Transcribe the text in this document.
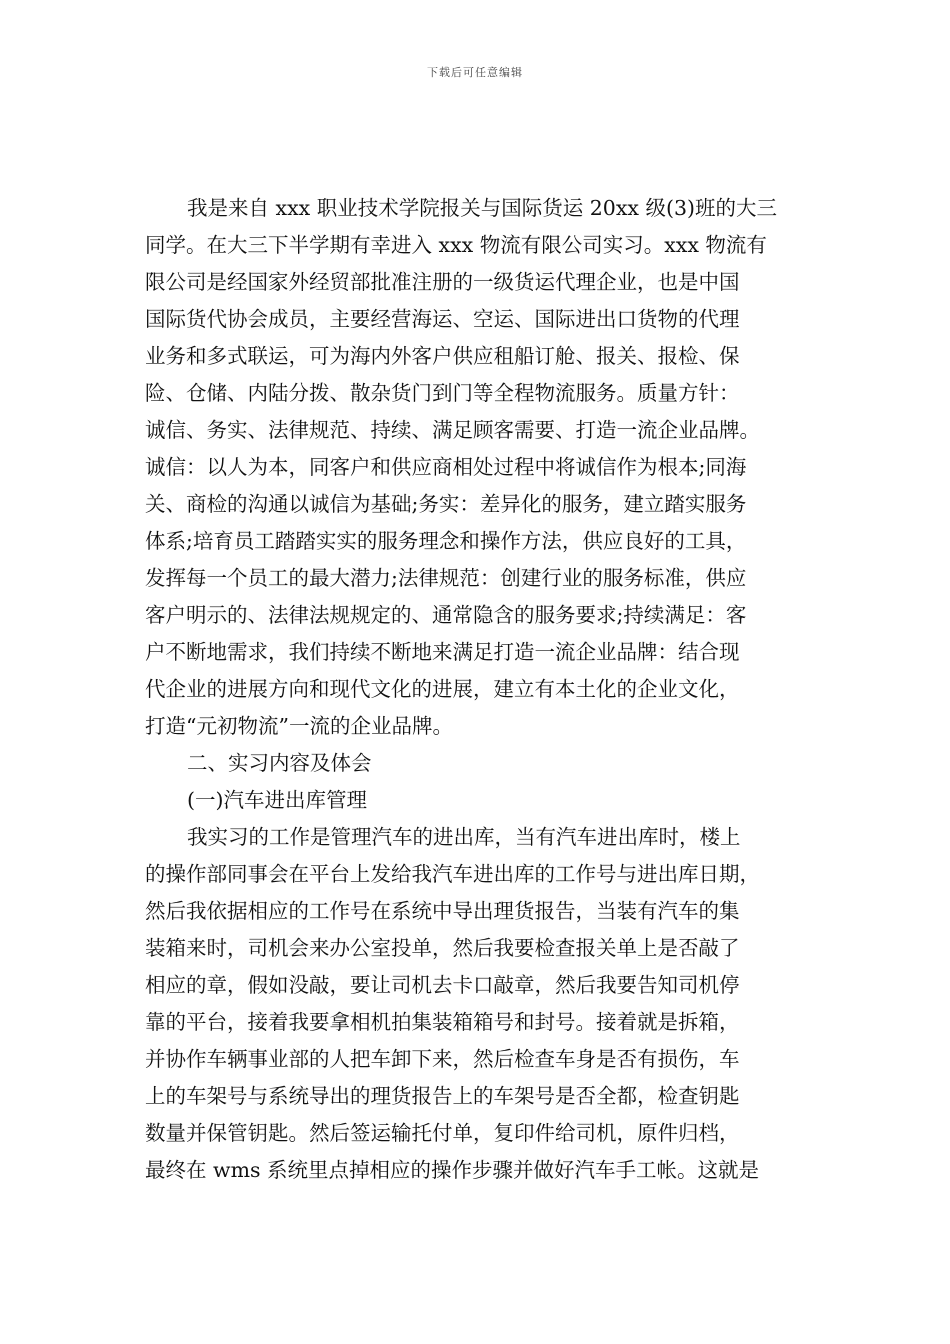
下载后可任意编辑
我是来自 xxx 职业技术学院报关与国际货运 20xx 级(3)班的大三
同学。在大三下半学期有幸进入 xxx 物流有限公司实习。xxx 物流有
限公司是经国家外经贸部批准注册的一级货运代理企业，也是中国
国际货代协会成员，主要经营海运、空运、国际进出口货物的代理
业务和多式联运，可为海内外客户供应租船订舱、报关、报检、保
险、仓储、内陆分拨、散杂货门到门等全程物流服务。质量方针：
诚信、务实、法律规范、持续、满足顾客需要、打造一流企业品牌。
诚信：以人为本，同客户和供应商相处过程中将诚信作为根本;同海
关、商检的沟通以诚信为基础;务实：差异化的服务，建立踏实服务
体系;培育员工踏踏实实的服务理念和操作方法，供应良好的工具，
发挥每一个员工的最大潜力;法律规范：创建行业的服务标准，供应
客户明示的、法律法规规定的、通常隐含的服务要求;持续满足：客
户不断地需求，我们持续不断地来满足打造一流企业品牌：结合现
代企业的进展方向和现代文化的进展，建立有本土化的企业文化，
打造“元初物流”一流的企业品牌。
二、实习内容及体会
(一)汽车进出库管理
我实习的工作是管理汽车的进出库，当有汽车进出库时，楼上
的操作部同事会在平台上发给我汽车进出库的工作号与进出库日期，
然后我依据相应的工作号在系统中导出理货报告，当装有汽车的集
装箱来时，司机会来办公室投单，然后我要检查报关单上是否敲了
相应的章，假如没敲，要让司机去卡口敲章，然后我要告知司机停
靠的平台，接着我要拿相机拍集装箱箱号和封号。接着就是拆箱，
并协作车辆事业部的人把车卸下来，然后检查车身是否有损伤，车
上的车架号与系统导出的理货报告上的车架号是否全都，检查钥匙
数量并保管钥匙。然后签运输托付单，复印件给司机，原件归档，
最终在 wms 系统里点掉相应的操作步骤并做好汽车手工帐。这就是
